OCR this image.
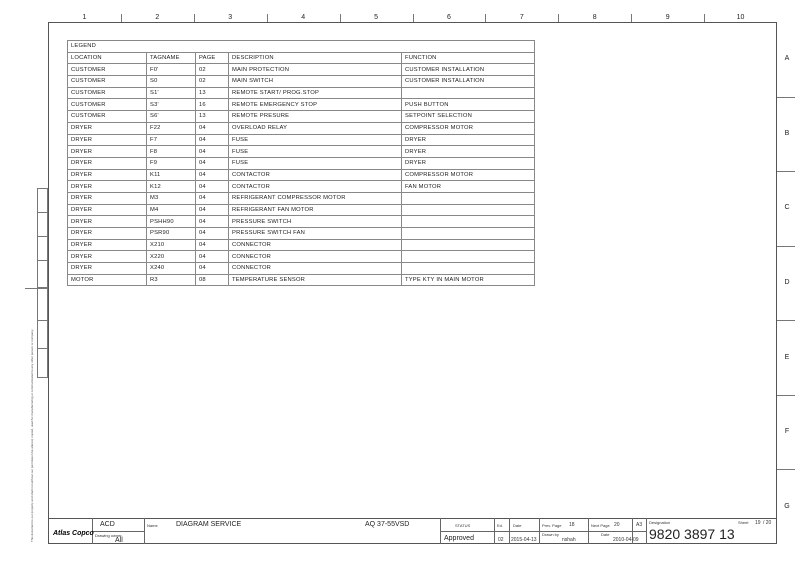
1	2	3	4	5	6	7	8	9	10
A
B
C
D
E
F
G
This document is our property and shall not without our permission be altered, copied, used for manufacturing or communicated to any other person or company.
LEGEND				
LOCATION	TAGNAME	PAGE	DESCRIPTION	FUNCTION
CUSTOMER	F0'	02	MAIN PROTECTION	CUSTOMER INSTALLATION
CUSTOMER	S0	02	MAIN SWITCH	CUSTOMER INSTALLATION
CUSTOMER	S1'	13	REMOTE START/ PROG.STOP	
CUSTOMER	S3'	16	REMOTE EMERGENCY STOP	PUSH BUTTON
CUSTOMER	S6'	13	REMOTE PRESURE	SETPOINT SELECTION
DRYER	F22	04	OVERLOAD RELAY	COMPRESSOR MOTOR
DRYER	F7	04	FUSE	DRYER
DRYER	F8	04	FUSE	DRYER
DRYER	F9	04	FUSE	DRYER
DRYER	K11	04	CONTACTOR	COMPRESSOR MOTOR
DRYER	K12	04	CONTACTOR	FAN MOTOR
DRYER	M3	04	REFRIGERANT COMPRESSOR MOTOR	
DRYER	M4	04	REFRIGERANT FAN MOTOR	
DRYER	PSHH90	04	PRESSURE SWITCH	
DRYER	PSR90	04	PRESSURE SWITCH FAN	
DRYER	X210	04	CONNECTOR	
DRYER	X220	04	CONNECTOR	
DRYER	X240	04	CONNECTOR	
MOTOR	R3	08	TEMPERATURE SENSOR	TYPE KTY IN MAIN MOTOR
Atlas Copco
ACD
Drawing owner
All
Name	DIAGRAM SERVICE	AQ 37-55VSD	STATUS
Approved
Ed.
02
Date
2015-04-13
Prev. Page 18	Next Page 20	A3
Drawn by
nshah
Date
2010-04-09
Designation
9820 3897 13
Sheet 19 / 20
